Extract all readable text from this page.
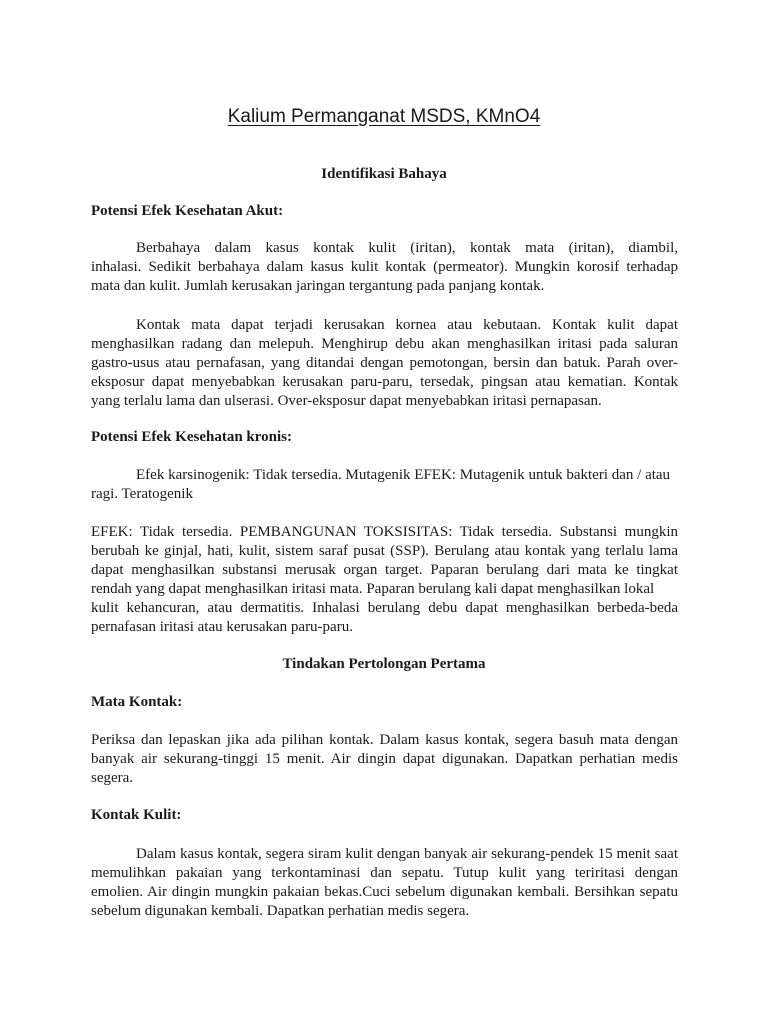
Kalium Permanganat MSDS, KMnO4
Identifikasi Bahaya
Potensi Efek Kesehatan Akut:
Berbahaya dalam kasus kontak kulit (iritan), kontak mata (iritan), diambil,
inhalasi. Sedikit berbahaya dalam kasus kulit kontak (permeator). Mungkin korosif terhadap
mata dan kulit. Jumlah kerusakan jaringan tergantung pada panjang kontak.
Kontak mata dapat terjadi kerusakan kornea atau kebutaan. Kontak kulit dapat
menghasilkan radang dan melepuh. Menghirup debu akan menghasilkan iritasi pada saluran
gastro-usus atau pernafasan, yang ditandai dengan pemotongan, bersin dan batuk. Parah over-
eksposur dapat menyebabkan kerusakan paru-paru, tersedak, pingsan atau kematian. Kontak
yang terlalu lama dan ulserasi. Over-eksposur dapat menyebabkan iritasi pernapasan.
Potensi Efek Kesehatan kronis:
Efek karsinogenik: Tidak tersedia. Mutagenik EFEK: Mutagenik untuk bakteri dan / atau
ragi. Teratogenik
EFEK: Tidak tersedia. PEMBANGUNAN TOKSISITAS: Tidak tersedia. Substansi mungkin
berubah ke ginjal, hati, kulit, sistem saraf pusat (SSP). Berulang atau kontak yang terlalu lama
dapat menghasilkan substansi merusak organ target. Paparan berulang dari mata ke tingkat
rendah yang dapat menghasilkan iritasi mata. Paparan berulang kali dapat menghasilkan lokal
kulit kehancuran, atau dermatitis. Inhalasi berulang debu dapat menghasilkan berbeda-beda
pernafasan iritasi atau kerusakan paru-paru.
Tindakan Pertolongan Pertama
Mata Kontak:
Periksa dan lepaskan jika ada pilihan kontak. Dalam kasus kontak, segera basuh mata dengan
banyak air sekurang-tinggi 15 menit. Air dingin dapat digunakan. Dapatkan perhatian medis
segera.
Kontak Kulit:
Dalam kasus kontak, segera siram kulit dengan banyak air sekurang-pendek 15 menit saat
memulihkan pakaian yang terkontaminasi dan sepatu. Tutup kulit yang teriritasi dengan
emolien. Air dingin mungkin pakaian bekas.Cuci sebelum digunakan kembali. Bersihkan sepatu
sebelum digunakan kembali. Dapatkan perhatian medis segera.
